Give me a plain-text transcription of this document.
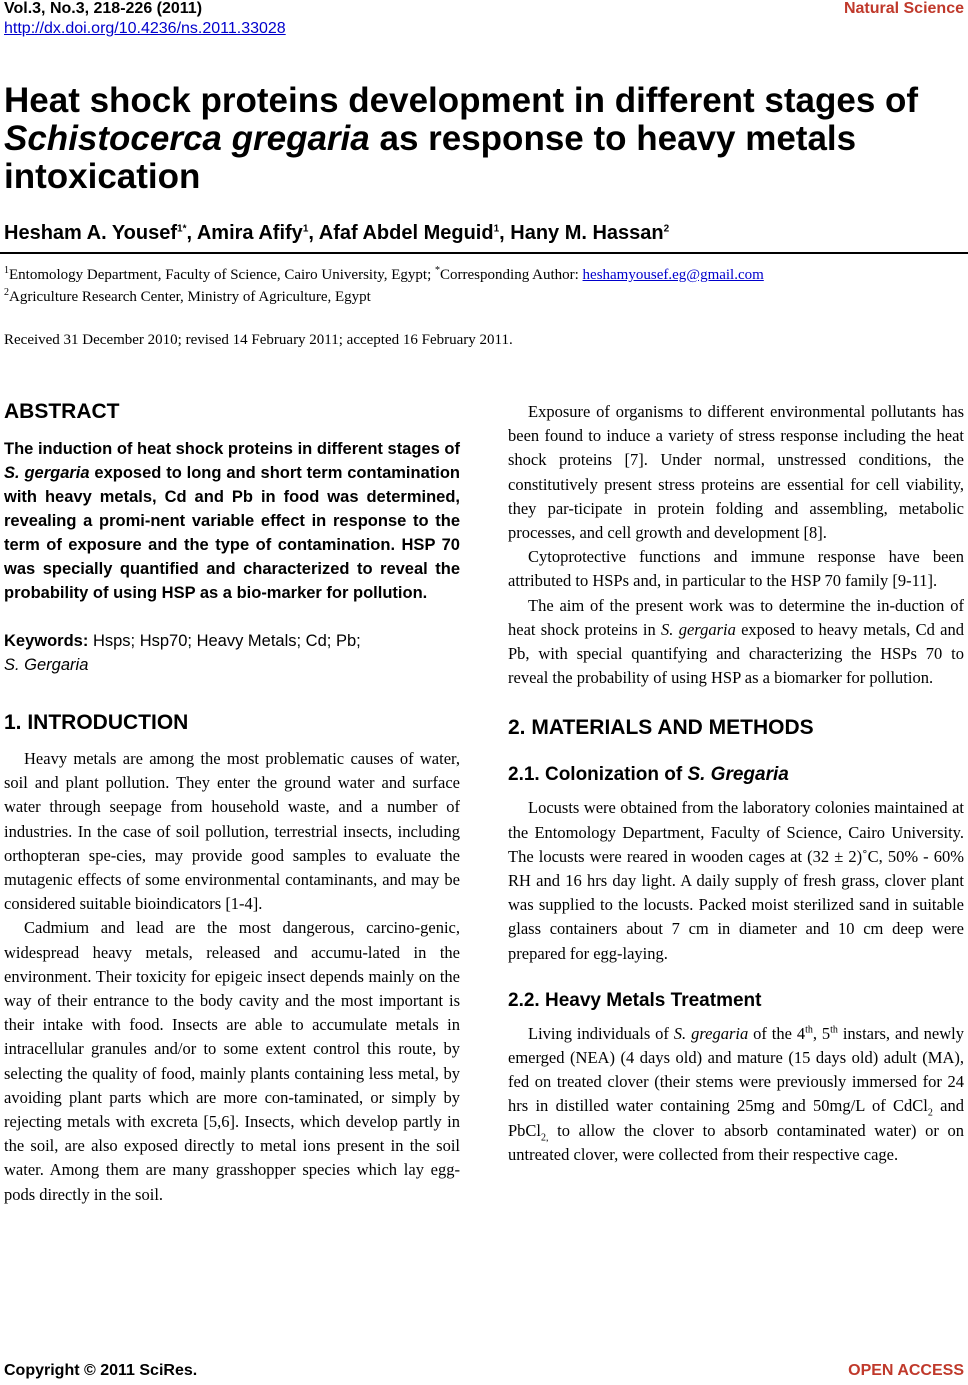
Vol.3, No.3, 218-226 (2011)
http://dx.doi.org/10.4236/ns.2011.33028
Natural Science
Heat shock proteins development in different stages of Schistocerca gregaria as response to heavy metals intoxication
Hesham A. Yousef$^{1*}$, Amira Afify$^1$, Afaf Abdel Meguid$^1$, Hany M. Hassan$^2$
$^1$Entomology Department, Faculty of Science, Cairo University, Egypt; *Corresponding Author: heshamyousef.eg@gmail.com
$^2$Agriculture Research Center, Ministry of Agriculture, Egypt
Received 31 December 2010; revised 14 February 2011; accepted 16 February 2011.
ABSTRACT

The induction of heat shock proteins in different stages of S. gergaria exposed to long and short term contamination with heavy metals, Cd and Pb in food was determined, revealing a promi-nent variable effect in response to the term of exposure and the type of contamination. HSP 70 was specially quantified and characterized to reveal the probability of using HSP as a bio-marker for pollution.

Keywords: Hsps; Hsp70; Heavy Metals; Cd; Pb;
S. Gergaria

1. INTRODUCTION

Heavy metals are among the most problematic causes of water, soil and plant pollution. They enter the ground water and surface water through seepage from household waste, and a number of industries. In the case of soil pollution, terrestrial insects, including orthopteran spe-cies, may provide good samples to evaluate the mutagenic effects of some environmental contaminants, and may be considered suitable bioindicators [1-4].

Cadmium and lead are the most dangerous, carcino-genic, widespread heavy metals, released and accumu-lated in the environment. Their toxicity for epigeic insect depends mainly on the way of their entrance to the body cavity and the most important is their intake with food. Insects are able to accumulate metals in intracellular granules and/or to some extent control this route, by selecting the quality of food, mainly plants containing less metal, by avoiding plant parts which are more con-taminated, or simply by rejecting metals with excreta [5,6]. Insects, which develop partly in the soil, are also exposed directly to metal ions present in the soil water. Among them are many grasshopper species which lay egg-pods directly in the soil.

Exposure of organisms to different environmental pollutants has been found to induce a variety of stress response including the heat shock proteins [7]. Under normal, unstressed conditions, the constitutively present stress proteins are essential for cell viability, they par-ticipate in protein folding and assembling, metabolic processes, and cell growth and development [8].

Cytoprotective functions and immune response have been attributed to HSPs and, in particular to the HSP 70 family [9-11].

The aim of the present work was to determine the in-duction of heat shock proteins in S. gergaria exposed to heavy metals, Cd and Pb, with special quantifying and characterizing the HSPs 70 to reveal the probability of using HSP as a biomarker for pollution.

2. MATERIALS AND METHODS
2.1. Colonization of S. Gregaria

Locusts were obtained from the laboratory colonies maintained at the Entomology Department, Faculty of Science, Cairo University. The locusts were reared in wooden cages at (32 ± 2)˚C, 50% - 60% RH and 16 hrs day light. A daily supply of fresh grass, clover plant was supplied to the locusts. Packed moist sterilized sand in suitable glass containers about 7 cm in diameter and 10 cm deep were prepared for egg-laying.

2.2. Heavy Metals Treatment

Living individuals of S. gregaria of the 4th, 5th instars, and newly emerged (NEA) (4 days old) and mature (15 days old) adult (MA), fed on treated clover (their stems were previously immersed for 24 hrs in distilled water containing 25mg and 50mg/L of CdCl$_2$ and PbCl$_{2,}$ to allow the clover to absorb contaminated water) or on untreated clover, were collected from their respective cage.

Copyright © 2011 SciRes.	OPEN ACCESS
